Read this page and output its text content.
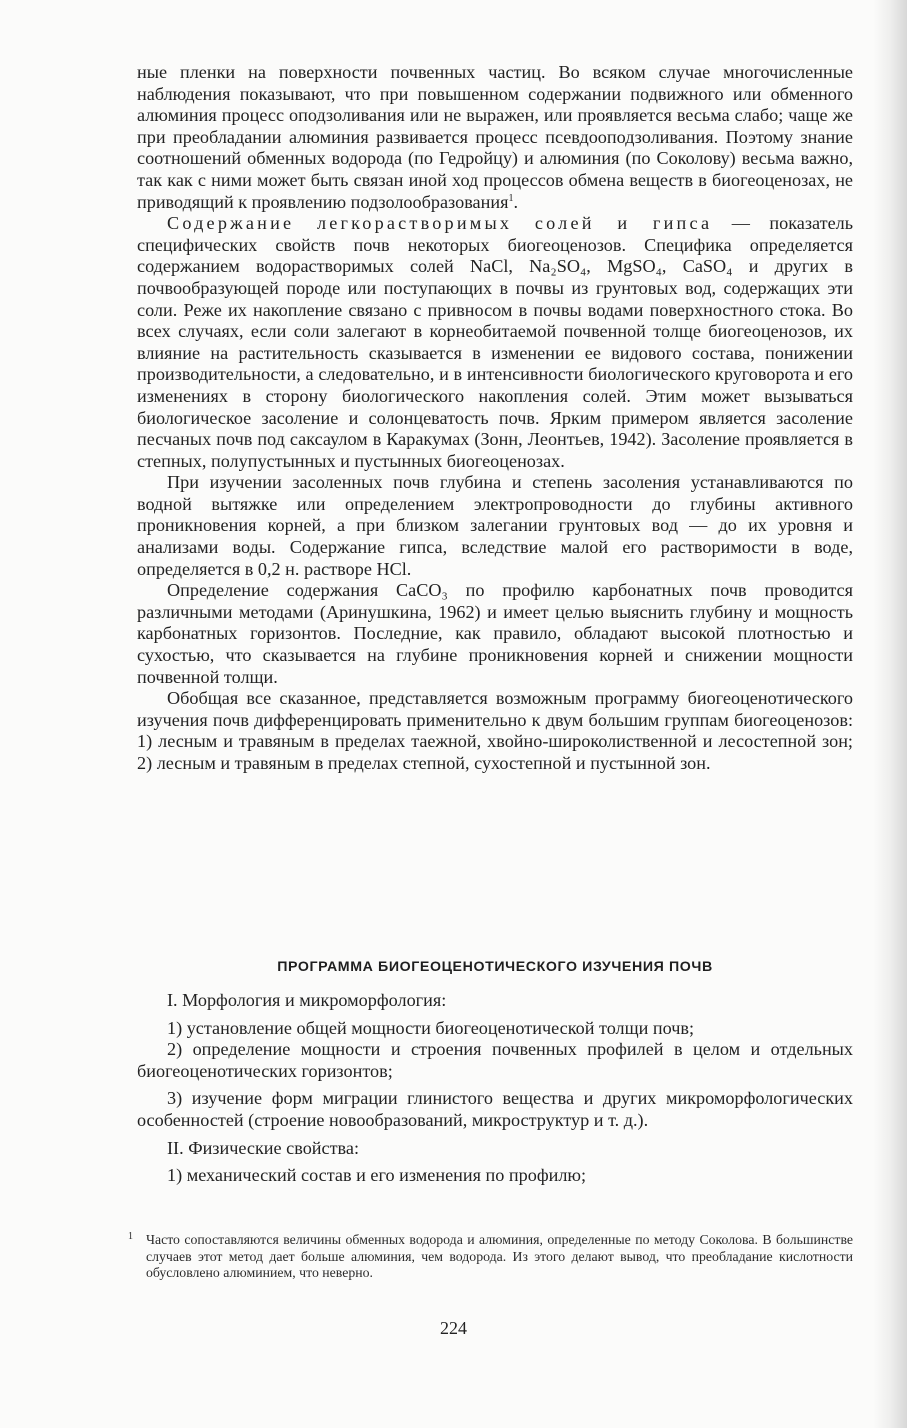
ные пленки на поверхности почвенных частиц. Во всяком случае многочисленные наблюдения показывают, что при повышенном содержании подвижного или обменного алюминия процесс оподзоливания или не выражен, или проявляется весьма слабо; чаще же при преобладании алюминия развивается процесс псевдооподзоливания. Поэтому знание соотношений обменных водорода (по Гедройцу) и алюминия (по Соколову) весьма важно, так как с ними может быть связан иной ход процессов обмена веществ в биогеоценозах, не приводящий к проявлению подзолообразования$^1$.

Содержание легкорастворимых солей и гипса — показатель специфических свойств почв некоторых биогеоценозов. Специфика определяется содержанием водорастворимых солей NaCl, Na₂SO₄, MgSO₄, CaSO₄ и других в почвообразующей породе или поступающих в почвы из грунтовых вод, содержащих эти соли. Реже их накопление связано с привносом в почвы водами поверхностного стока. Во всех случаях, если соли залегают в корнеобитаемой почвенной толще биогеоценозов, их влияние на растительность сказывается в изменении ее видового состава, понижении производительности, а следовательно, и в интенсивности биологического круговорота и его изменениях в сторону биологического накопления солей. Этим может вызываться биологическое засоление и солонцеватость почв. Ярким примером является засоление песчаных почв под саксаулом в Каракумах (Зонн, Леонтьев, 1942). Засоление проявляется в степных, полупустынных и пустынных биогеоценозах.

При изучении засоленных почв глубина и степень засоления устанавливаются по водной вытяжке или определением электропроводности до глубины активного проникновения корней, а при близком залегании грунтовых вод — до их уровня и анализами воды. Содержание гипса, вследствие малой его растворимости в воде, определяется в 0,2 н. растворе HCl.

Определение содержания CaCO₃ по профилю карбонатных почв проводится различными методами (Аринушкина, 1962) и имеет целью выяснить глубину и мощность карбонатных горизонтов. Последние, как правило, обладают высокой плотностью и сухостью, что сказывается на глубине проникновения корней и снижении мощности почвенной толщи.

Обобщая все сказанное, представляется возможным программу биогеоценотического изучения почв дифференцировать применительно к двум большим группам биогеоценозов: 1) лесным и травяным в пределах таежной, хвойно-широколиственной и лесостепной зон; 2) лесным и травяным в пределах степной, сухостепной и пустынной зон.

ПРОГРАММА БИОГЕОЦЕНОТИЧЕСКОГО ИЗУЧЕНИЯ ПОЧВ

I. Морфология и микроморфология:

1) установление общей мощности биогеоценотической толщи почв;

2) определение мощности и строения почвенных профилей в целом и отдельных биогеоценотических горизонтов;

3) изучение форм миграции глинистого вещества и других микроморфологических особенностей (строение новообразований, микроструктур и т. д.).

II. Физические свойства:

1) механический состав и его изменения по профилю;

1 Часто сопоставляются величины обменных водорода и алюминия, определенные по методу Соколова. В большинстве случаев этот метод дает больше алюминия, чем водорода. Из этого делают вывод, что преобладание кислотности обусловлено алюминием, что неверно.

224
